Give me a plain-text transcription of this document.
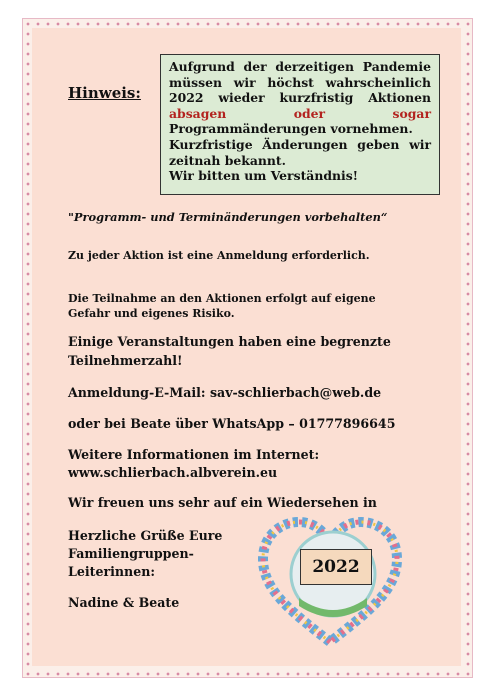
Hinweis:
Aufgrund der derzeitigen Pandemie
müssen wir höchst wahrscheinlich
2022 wieder kurzfristig Aktionen
absagen	oder	sogar
Programmänderungen vornehmen.
Kurzfristige Änderungen geben wir
zeitnah bekannt.
Wir bitten um Verständnis!
"Programm- und Terminänderungen vorbehalten“
Zu jeder Aktion ist eine Anmeldung erforderlich.
Die Teilnahme an den Aktionen erfolgt auf eigene
Gefahr und eigenes Risiko.
Einige Veranstaltungen haben eine begrenzte
Teilnehmerzahl!
Anmeldung-E-Mail: sav-schlierbach@web.de
oder bei Beate über WhatsApp – 01777896645
Weitere Informationen im Internet:
www.schlierbach.albverein.eu
Wir freuen uns sehr auf ein Wiedersehen in
Herzliche Grüße Eure
Familiengruppen-
Leiterinnen:
Nadine & Beate
2022
